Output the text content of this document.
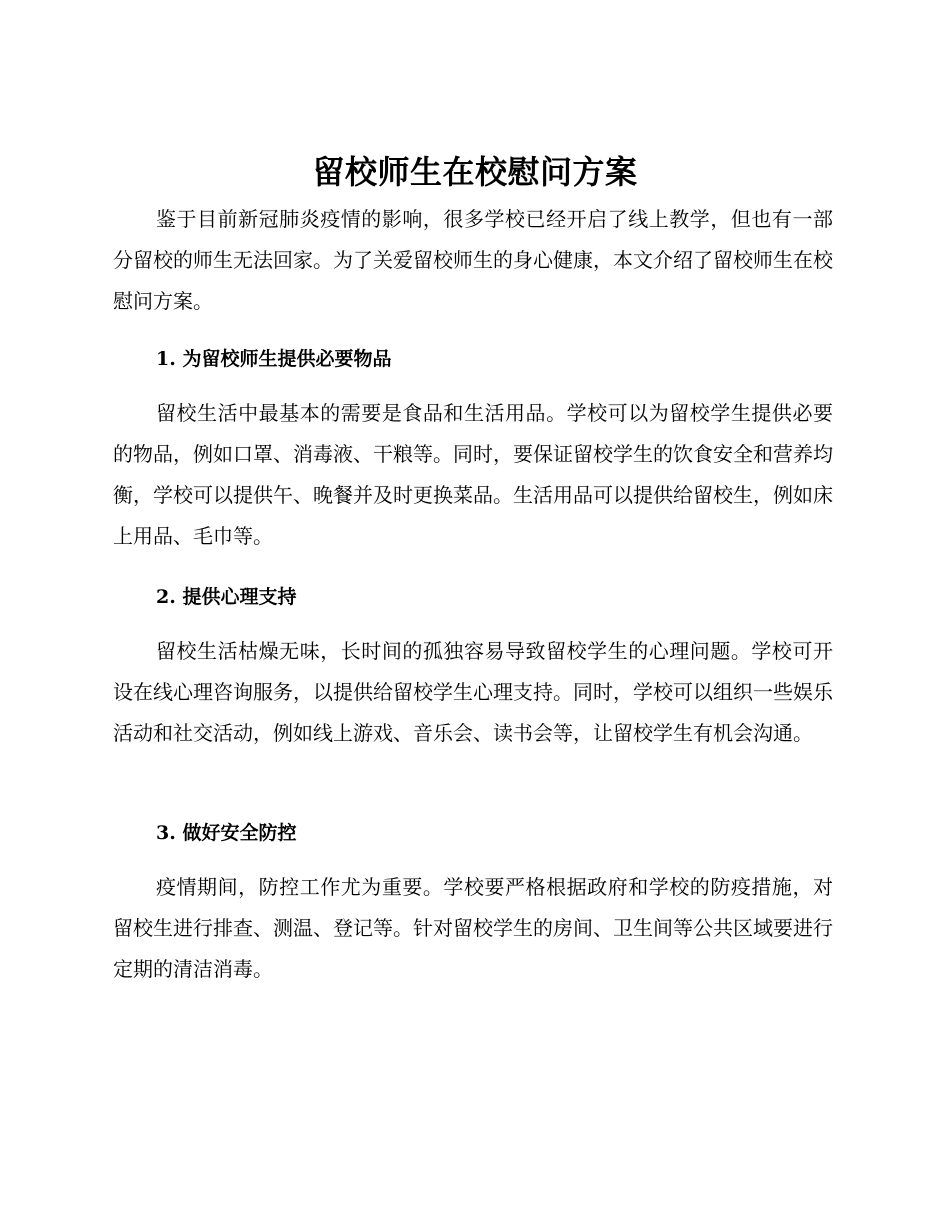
留校师生在校慰问方案

鉴于目前新冠肺炎疫情的影响，很多学校已经开启了线上教学，但也有一部分留校的师生无法回家。为了关爱留校师生的身心健康，本文介绍了留校师生在校慰问方案。

1. 为留校师生提供必要物品

留校生活中最基本的需要是食品和生活用品。学校可以为留校学生提供必要的物品，例如口罩、消毒液、干粮等。同时，要保证留校学生的饮食安全和营养均衡，学校可以提供午、晚餐并及时更换菜品。生活用品可以提供给留校生，例如床上用品、毛巾等。

2. 提供心理支持

留校生活枯燥无味，长时间的孤独容易导致留校学生的心理问题。学校可开设在线心理咨询服务，以提供给留校学生心理支持。同时，学校可以组织一些娱乐活动和社交活动，例如线上游戏、音乐会、读书会等，让留校学生有机会沟通。

3. 做好安全防控

疫情期间，防控工作尤为重要。学校要严格根据政府和学校的防疫措施，对留校生进行排查、测温、登记等。针对留校学生的房间、卫生间等公共区域要进行定期的清洁消毒。
